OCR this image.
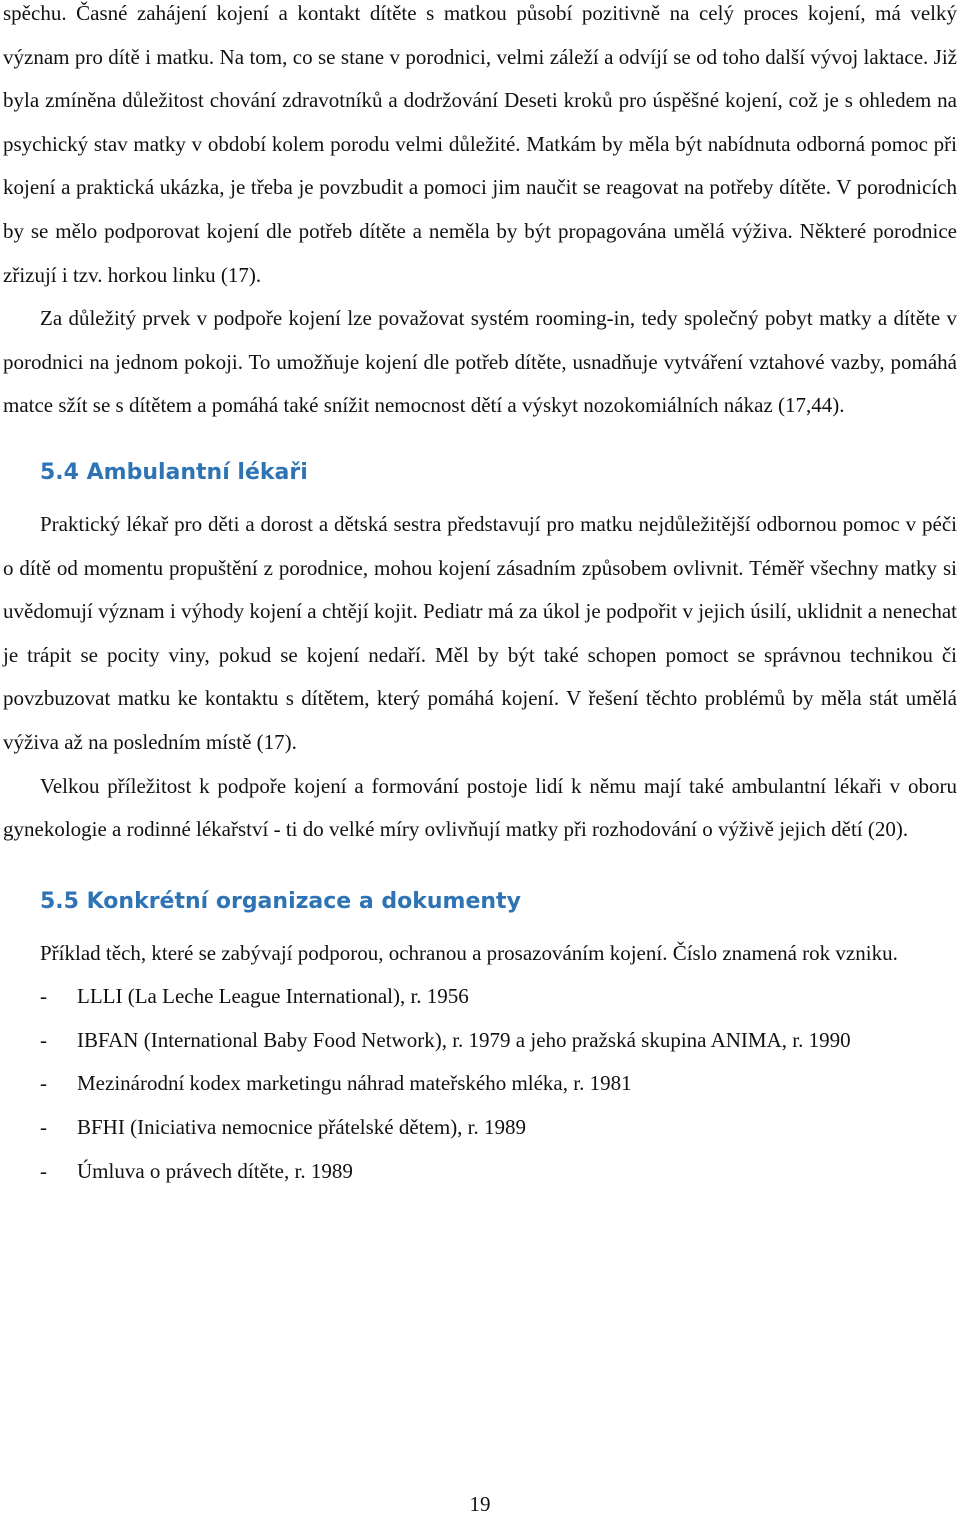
spěchu. Časné zahájení kojení a kontakt dítěte s matkou působí pozitivně na celý proces kojení, má velký význam pro dítě i matku. Na tom, co se stane v porodnici, velmi záleží a odvíjí se od toho další vývoj laktace. Již byla zmíněna důležitost chování zdravotníků a dodržování Deseti kroků pro úspěšné kojení, což je s ohledem na psychický stav matky v období kolem porodu velmi důležité. Matkám by měla být nabídnuta odborná pomoc při kojení a praktická ukázka, je třeba je povzbudit a pomoci jim naučit se reagovat na potřeby dítěte. V porodnicích by se mělo podporovat kojení dle potřeb dítěte a neměla by být propagována umělá výživa. Některé porodnice zřizují i tzv. horkou linku (17).

Za důležitý prvek v podpoře kojení lze považovat systém rooming-in, tedy společný pobyt matky a dítěte v porodnici na jednom pokoji. To umožňuje kojení dle potřeb dítěte, usnadňuje vytváření vztahové vazby, pomáhá matce sžít se s dítětem a pomáhá také snížit nemocnost dětí a výskyt nozokomiálních nákaz (17,44).

5.4 Ambulantní lékaři

Praktický lékař pro děti a dorost a dětská sestra představují pro matku nejdůležitější odbornou pomoc v péči o dítě od momentu propuštění z porodnice, mohou kojení zásadním způsobem ovlivnit. Téměř všechny matky si uvědomují význam i výhody kojení a chtějí kojit. Pediatr má za úkol je podpořit v jejich úsilí, uklidnit a nenechat je trápit se pocity viny, pokud se kojení nedaří. Měl by být také schopen pomoct se správnou technikou či povzbuzovat matku ke kontaktu s dítětem, který pomáhá kojení. V řešení těchto problémů by měla stát umělá výživa až na posledním místě (17).

Velkou příležitost k podpoře kojení a formování postoje lidí k němu mají také ambulantní lékaři v oboru gynekologie a rodinné lékařství - ti do velké míry ovlivňují matky při rozhodování o výživě jejich dětí (20).

5.5 Konkrétní organizace a dokumenty

Příklad těch, které se zabývají podporou, ochranou a prosazováním kojení. Číslo znamená rok vzniku.

- LLLI (La Leche League International), r. 1956
- IBFAN (International Baby Food Network), r. 1979 a jeho pražská skupina ANIMA, r. 1990
- Mezinárodní kodex marketingu náhrad mateřského mléka, r. 1981
- BFHI (Iniciativa nemocnice přátelské dětem), r. 1989
- Úmluva o právech dítěte, r. 1989
19
